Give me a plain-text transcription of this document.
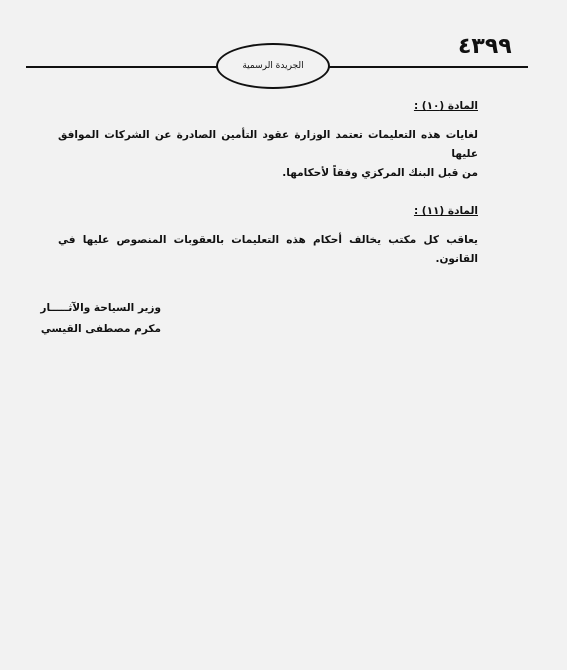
٤٣٩٩
الجريدة الرسمية
المادة (١٠) :
لغايات هذه التعليمات تعتمد الوزارة عقود التأمين الصادرة عن الشركات الموافق عليها
من قبل البنك المركزي وفقاً لأحكامها.
المادة (١١) :
يعاقب كل مكتب يخالف أحكام هذه التعليمات بالعقوبات المنصوص عليها في القانون.
وزير السياحة والآثـــــار
مكرم مصطفى القيسي
